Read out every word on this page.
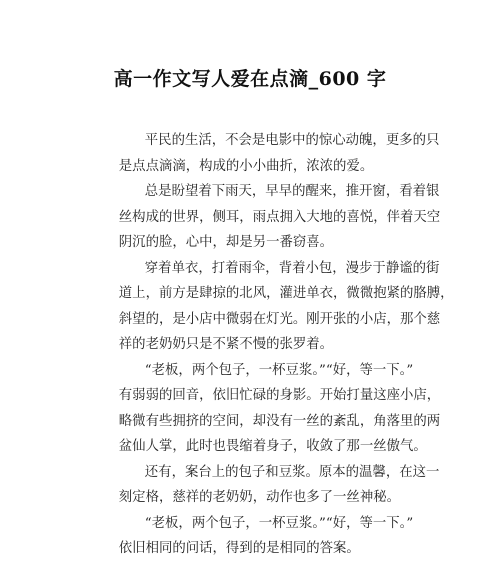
高一作文写人爱在点滴_600 字

平民的生活，不会是电影中的惊心动魄，更多的只
是点点滴滴，构成的小小曲折，浓浓的爱。

总是盼望着下雨天，早早的醒来，推开窗，看着银
丝构成的世界，侧耳，雨点拥入大地的喜悦，伴着天空
阴沉的脸，心中，却是另一番窃喜。

穿着单衣，打着雨伞，背着小包，漫步于静谧的街
道上，前方是肆掠的北风，灌进单衣，微微抱紧的胳膊，
斜望的，是小店中微弱在灯光。刚开张的小店，那个慈
祥的老奶奶只是不紧不慢的张罗着。

“老板，两个包子，一杯豆浆。”“好，等一下。”
有弱弱的回音，依旧忙碌的身影。开始打量这座小店，
略微有些拥挤的空间，却没有一丝的紊乱，角落里的两
盆仙人掌，此时也畏缩着身子，收敛了那一丝傲气。

还有，案台上的包子和豆浆。原本的温馨，在这一
刻定格，慈祥的老奶奶，动作也多了一丝神秘。

“老板，两个包子，一杯豆浆。”“好，等一下。”
依旧相同的问话，得到的是相同的答案。
